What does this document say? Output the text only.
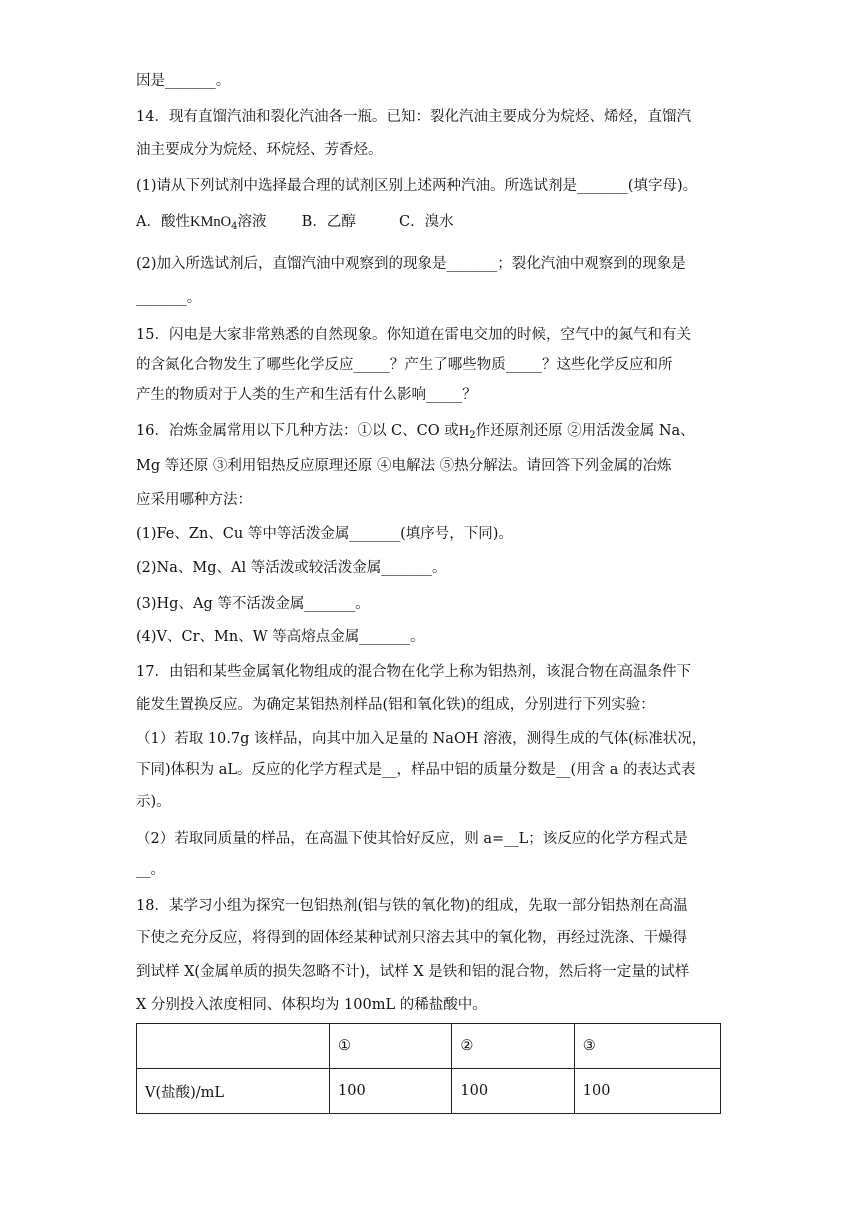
因是_______。
14．现有直馏汽油和裂化汽油各一瓶。已知：裂化汽油主要成分为烷烃、烯烃，直馏汽
油主要成分为烷烃、环烷烃、芳香烃。
(1)请从下列试剂中选择最合理的试剂区别上述两种汽油。所选试剂是_______(填字母)。
A．酸性KMnO$_4$溶液 B．乙醇	C．溴水
(2)加入所选试剂后，直馏汽油中观察到的现象是_______；裂化汽油中观察到的现象是
_______。
15．闪电是大家非常熟悉的自然现象。你知道在雷电交加的时候，空气中的氮气和有关
的含氮化合物发生了哪些化学反应_____？产生了哪些物质_____？这些化学反应和所
产生的物质对于人类的生产和生活有什么影响_____？
16．冶炼金属常用以下几种方法：①以 C、CO 或$H_2$作还原剂还原 ②用活泼金属 Na、
Mg 等还原 ③利用铝热反应原理还原 ④电解法 ⑤热分解法。请回答下列金属的冶炼
应采用哪种方法：
(1)Fe、Zn、Cu 等中等活泼金属_______(填序号，下同)。
(2)Na、Mg、Al 等活泼或较活泼金属_______。
(3)Hg、Ag 等不活泼金属_______。
(4)V、Cr、Mn、W 等高熔点金属_______。
17．由铝和某些金属氧化物组成的混合物在化学上称为铝热剂，该混合物在高温条件下
能发生置换反应。为确定某铝热剂样品(铝和氧化铁)的组成，分别进行下列实验：
（1）若取 10.7g 该样品，向其中加入足量的 NaOH 溶液，测得生成的气体(标准状况，
下同)体积为 aL。反应的化学方程式是__，样品中铝的质量分数是__(用含 a 的表达式表
示)。
（2）若取同质量的样品，在高温下使其恰好反应，则 a=__L；该反应的化学方程式是
__。
18．某学习小组为探究一包铝热剂(铝与铁的氧化物)的组成，先取一部分铝热剂在高温
下使之充分反应，将得到的固体经某种试剂只溶去其中的氧化物，再经过洗涤、干燥得
到试样 X(金属单质的损失忽略不计)，试样 X 是铁和铝的混合物，然后将一定量的试样
X 分别投入浓度相同、体积均为 100mL 的稀盐酸中。
	①	②	③
V(盐酸)/mL	100	100	100
